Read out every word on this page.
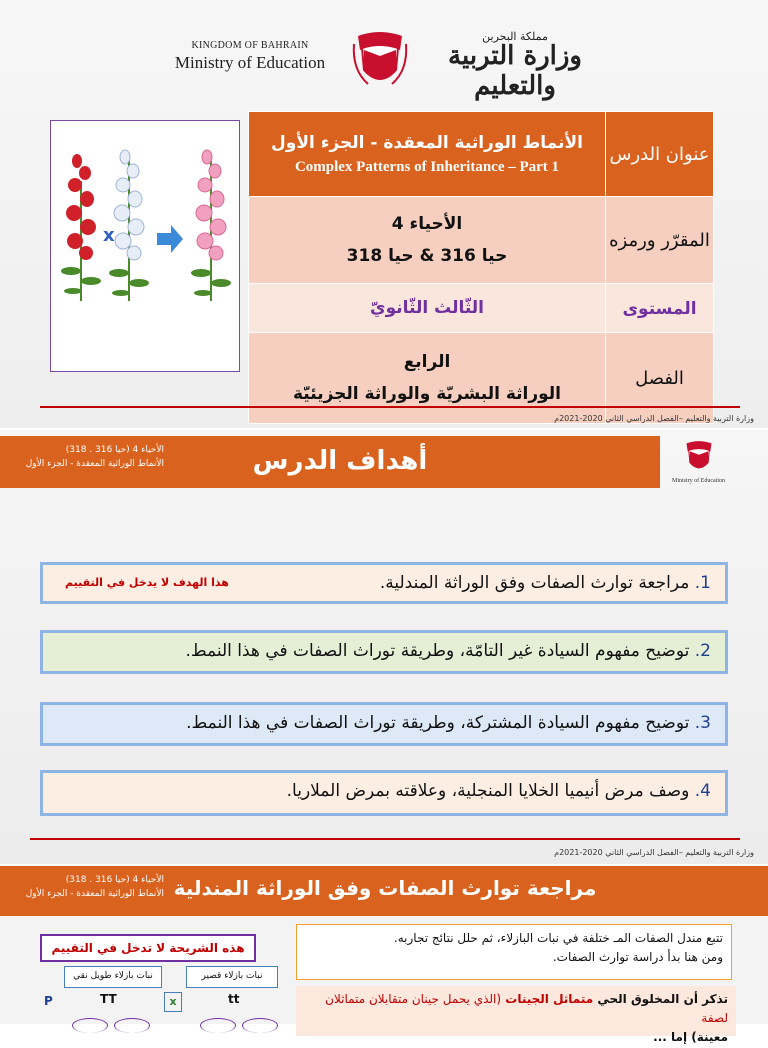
KINGDOM OF BAHRAIN
Ministry of Education
مملكة البحرين
وزارة التربية والتعليم
x
الأنماط الوراثية المعقدة - الجزء الأول
Complex Patterns of Inheritance – Part 1	عنوان الدرس

الأحياء 4
حيا 316 & حيا 318	المقرّر ورمزه

الثّالث الثّانويّ	المستوى

الرابع
الوراثة البشريّة والوراثة الجزيئيّة	الفصل
وزارة التربية والتعليم –الفصل الدراسي الثاني 2020-2021م
الأحياء 4 (حيا 316 . 318)
الأنماط الوراثية المعقدة - الجزء الأول	أهداف الدرس
Ministry of Education
1. مراجعة توارث الصفات وفق الوراثة المندلية.
هذا الهدف لا يدخل في التقييم
2. توضيح مفهوم السيادة غير التامّة، وطريقة توراث الصفات في هذا النمط.
3. توضيح مفهوم السيادة المشتركة، وطريقة توراث الصفات في هذا النمط.
4. وصف مرض أنيميا الخلايا المنجلية، وعلاقته بمرض الملاريا.
وزارة التربية والتعليم –الفصل الدراسي الثاني 2020-2021م
الأحياء 4 (حيا 316 . 318)
الأنماط الوراثية المعقدة - الجزء الأول مراجعة توارث الصفات وفق الوراثة المندلية
هذه الشريحة لا تدخل في التقييم
نبات بازلاء طويل نقي	نبات بازلاء قصير
P	TT	x	tt
تتبع مندل الصفات المـ ختلفة في نبات البازلاء، ثم حلل نتائج تجاربه.
ومن هنا بدأ دراسة توارث الصفات.
تذكر أن المخلوق الحي متماثل الجينات (الذي يحمل جينان متقابلان متماثلان لصفة
معينة) إما ...
